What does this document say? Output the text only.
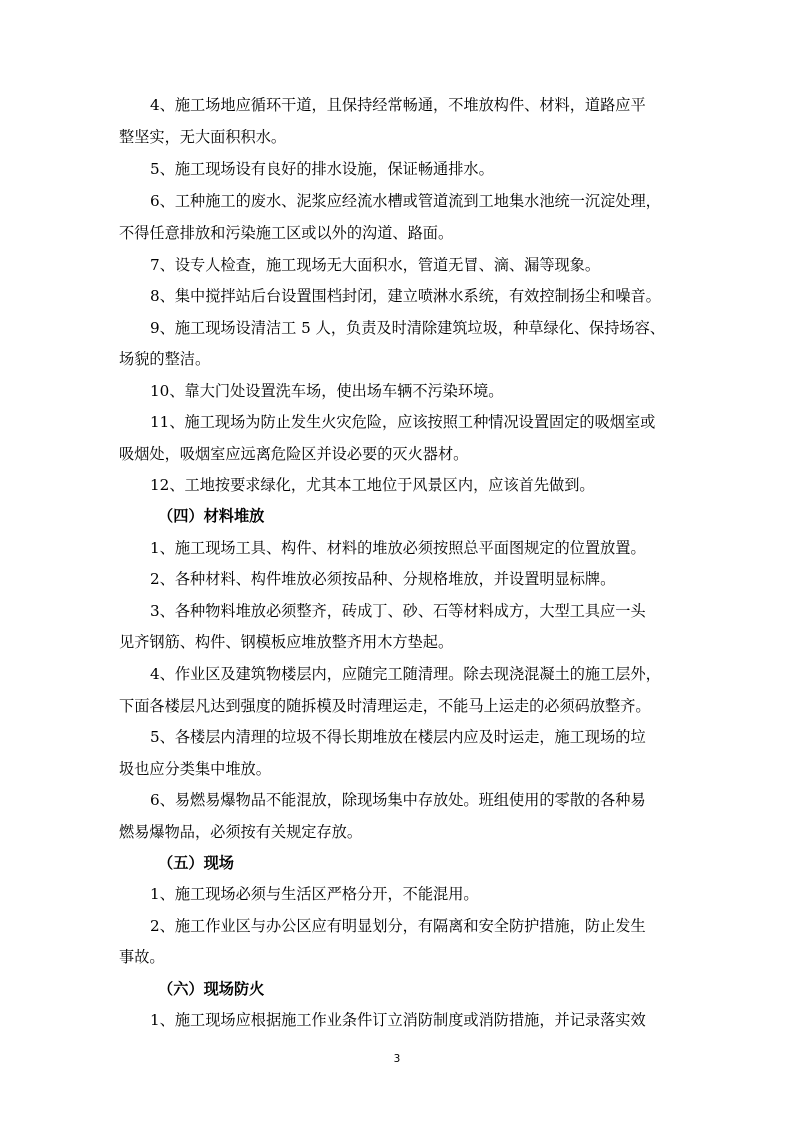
4、施工场地应循环干道，且保持经常畅通，不堆放构件、材料，道路应平
整坚实，无大面积积水。
5、施工现场设有良好的排水设施，保证畅通排水。
6、工种施工的废水、泥浆应经流水槽或管道流到工地集水池统一沉淀处理，
不得任意排放和污染施工区或以外的沟道、路面。
7、设专人检查，施工现场无大面积水，管道无冒、滴、漏等现象。
8、集中搅拌站后台设置围档封闭，建立喷淋水系统，有效控制扬尘和噪音。
9、施工现场设清洁工 5 人，负责及时清除建筑垃圾，种草绿化、保持场容、
场貌的整洁。
10、靠大门处设置洗车场，使出场车辆不污染环境。
11、施工现场为防止发生火灾危险，应该按照工种情况设置固定的吸烟室或
吸烟处，吸烟室应远离危险区并设必要的灭火器材。
12、工地按要求绿化，尤其本工地位于风景区内，应该首先做到。
（四）材料堆放
1、施工现场工具、构件、材料的堆放必须按照总平面图规定的位置放置。
2、各种材料、构件堆放必须按品种、分规格堆放，并设置明显标牌。
3、各种物料堆放必须整齐，砖成丁、砂、石等材料成方，大型工具应一头
见齐钢筋、构件、钢模板应堆放整齐用木方垫起。
4、作业区及建筑物楼层内，应随完工随清理。除去现浇混凝土的施工层外，
下面各楼层凡达到强度的随拆模及时清理运走，不能马上运走的必须码放整齐。
5、各楼层内清理的垃圾不得长期堆放在楼层内应及时运走，施工现场的垃
圾也应分类集中堆放。
6、易燃易爆物品不能混放，除现场集中存放处。班组使用的零散的各种易
燃易爆物品，必须按有关规定存放。
（五）现场
1、施工现场必须与生活区严格分开，不能混用。
2、施工作业区与办公区应有明显划分，有隔离和安全防护措施，防止发生
事故。
（六）现场防火
1、施工现场应根据施工作业条件订立消防制度或消防措施，并记录落实效
3
